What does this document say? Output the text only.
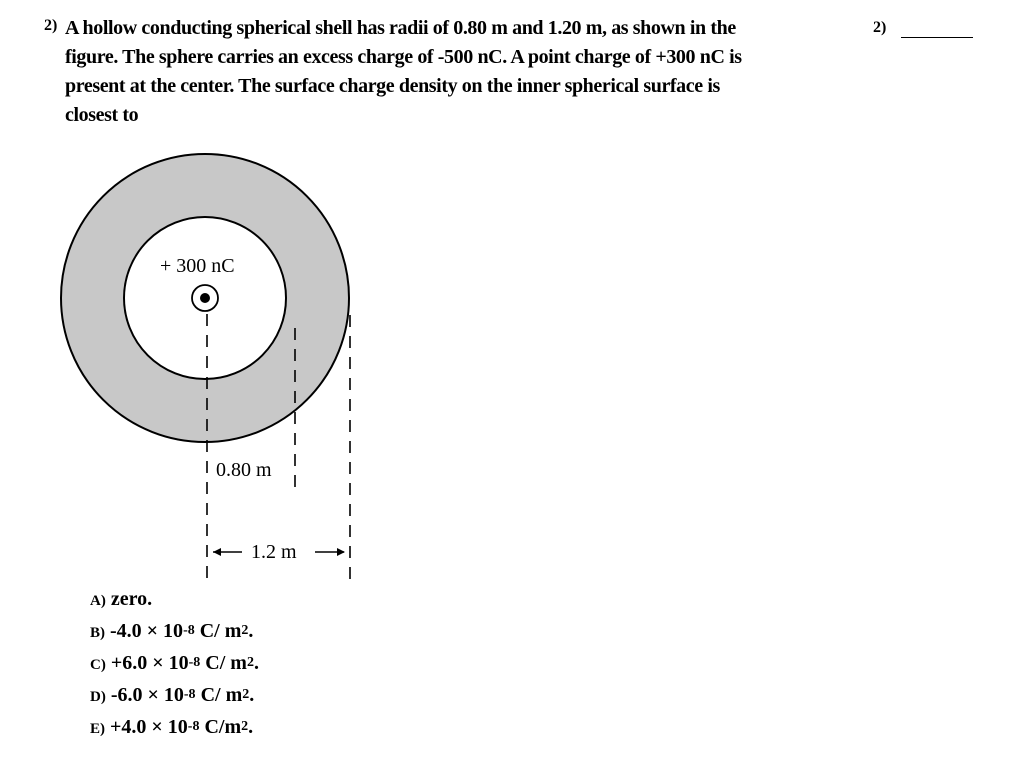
2) A hollow conducting spherical shell has radii of 0.80 m and 1.20 m, as shown in the
figure. The sphere carries an excess charge of -500 nC. A point charge of +300 nC is
present at the center. The surface charge density on the inner spherical surface is
closest to
2)
+ 300 nC
0.80 m
1.2 m
A) zero.
B) $-4.0 \times 10^{-8}$ C/ $m^2$.
$C) +6.0 \times 10^{-8}$ C/ $m^2$.
D) $-6.0 \times 10^{-8}$ C/ $m^2$.
$E) +4.0 \times 10^{-8}$ $C/m^2$.
